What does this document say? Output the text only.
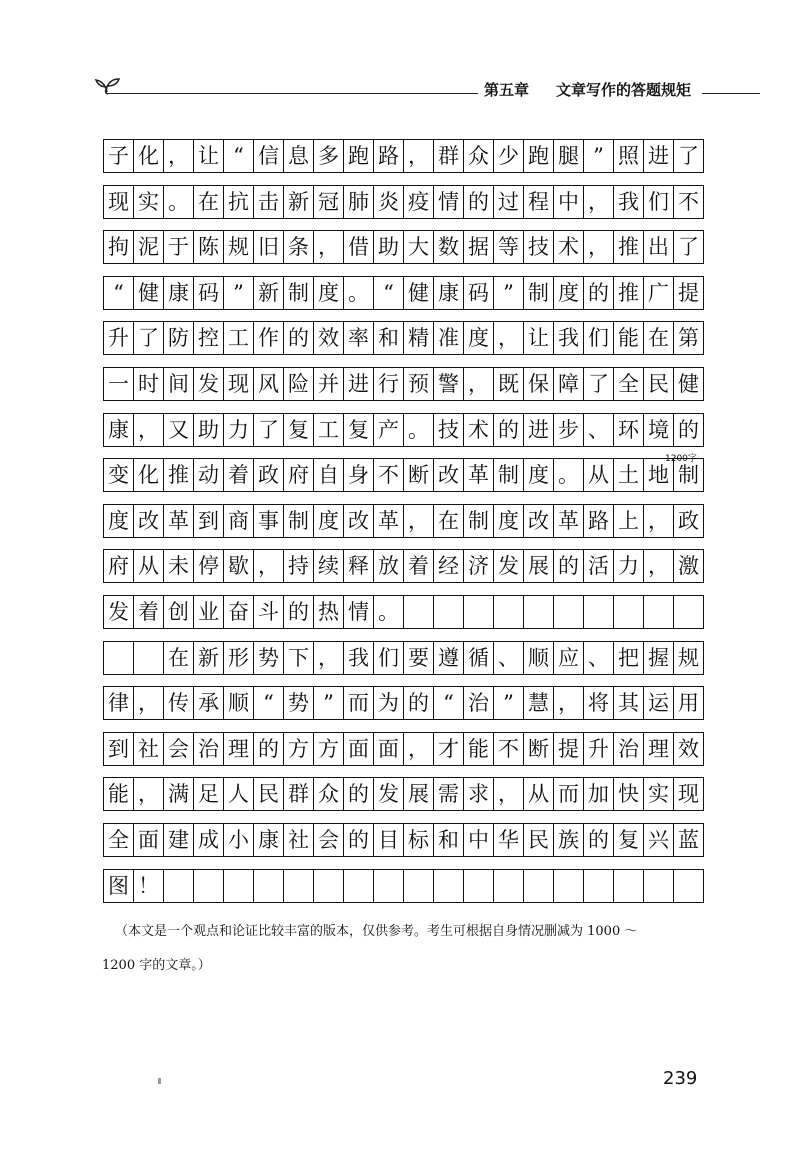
第五章 文章写作的答题规矩
子 化 ， 让 “ 信 息 多 跑 路 ， 群 众 少 跑 腿 ” 照 进 了
现 实 。 在 抗 击 新 冠 肺 炎 疫 情 的 过 程 中 ， 我 们 不
拘 泥 于 陈 规 旧 条 ， 借 助 大 数 据 等 技 术 ， 推 出 了
“ 健 康 码 ” 新 制 度 。 “ 健 康 码 ” 制 度 的 推 广 提
升 了 防 控 工 作 的 效 率 和 精 准 度 ， 让 我 们 能 在 第
一 时 间 发 现 风 险 并 进 行 预 警 ， 既 保 障 了 全 民 健
康 ， 又 助 力 了 复 工 复 产 。 技 术 的 进 步 、 环 境 的
变 化 推 动 着 政 府 自 身 不 断 改 革 制 度 。 从 土 地 制
度 改 革 到 商 事 制 度 改 革 ， 在 制 度 改 革 路 上 ， 政
府 从 未 停 歇 ， 持 续 释 放 着 经 济 发 展 的 活 力 ， 激
发 着 创 业 奋 斗 的 热 情 。
在 新 形 势 下 ， 我 们 要 遵 循 、 顺 应 、 把 握 规
律 ， 传 承 顺 “ 势 ” 而 为 的 “ 治 ” 慧 ， 将 其 运 用
到 社 会 治 理 的 方 方 面 面 ， 才 能 不 断 提 升 治 理 效
能 ， 满 足 人 民 群 众 的 发 展 需 求 ， 从 而 加 快 实 现
全 面 建 成 小 康 社 会 的 目 标 和 中 华 民 族 的 复 兴 蓝
图 ！
1200字
（本文是一个观点和论证比较丰富的版本，仅供参考。考生可根据自身情况删减为 1000 ～
1200 字的文章。）
239
